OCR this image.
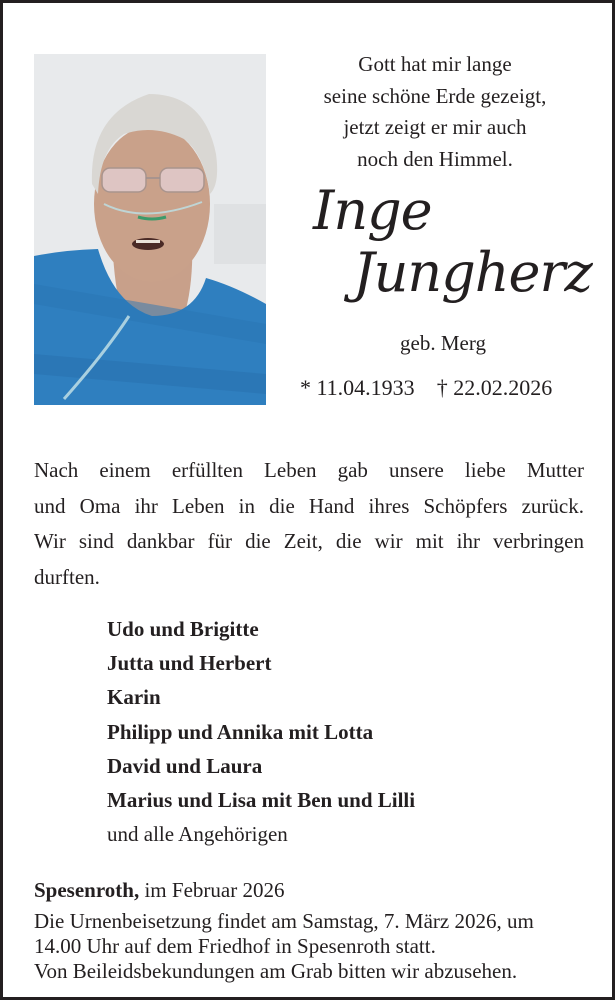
Gott hat mir lange
seine schöne Erde gezeigt,
jetzt zeigt er mir auch
noch den Himmel.
Inge
Jungherz
geb. Merg
* 11.04.1933 † 22.02.2026
Nach einem erfüllten Leben gab unsere liebe Mutter
und Oma ihr Leben in die Hand ihres Schöpfers zurück.
Wir sind dankbar für die Zeit, die wir mit ihr verbringen
durften.
Udo und Brigitte
Jutta und Herbert
Karin
Philipp und Annika mit Lotta
David und Laura
Marius und Lisa mit Ben und Lilli
und alle Angehörigen
Spesenroth, im Februar 2026
Die Urnenbeisetzung findet am Samstag, 7. März 2026, um
14.00 Uhr auf dem Friedhof in Spesenroth statt.
Von Beileidsbekundungen am Grab bitten wir abzusehen.
